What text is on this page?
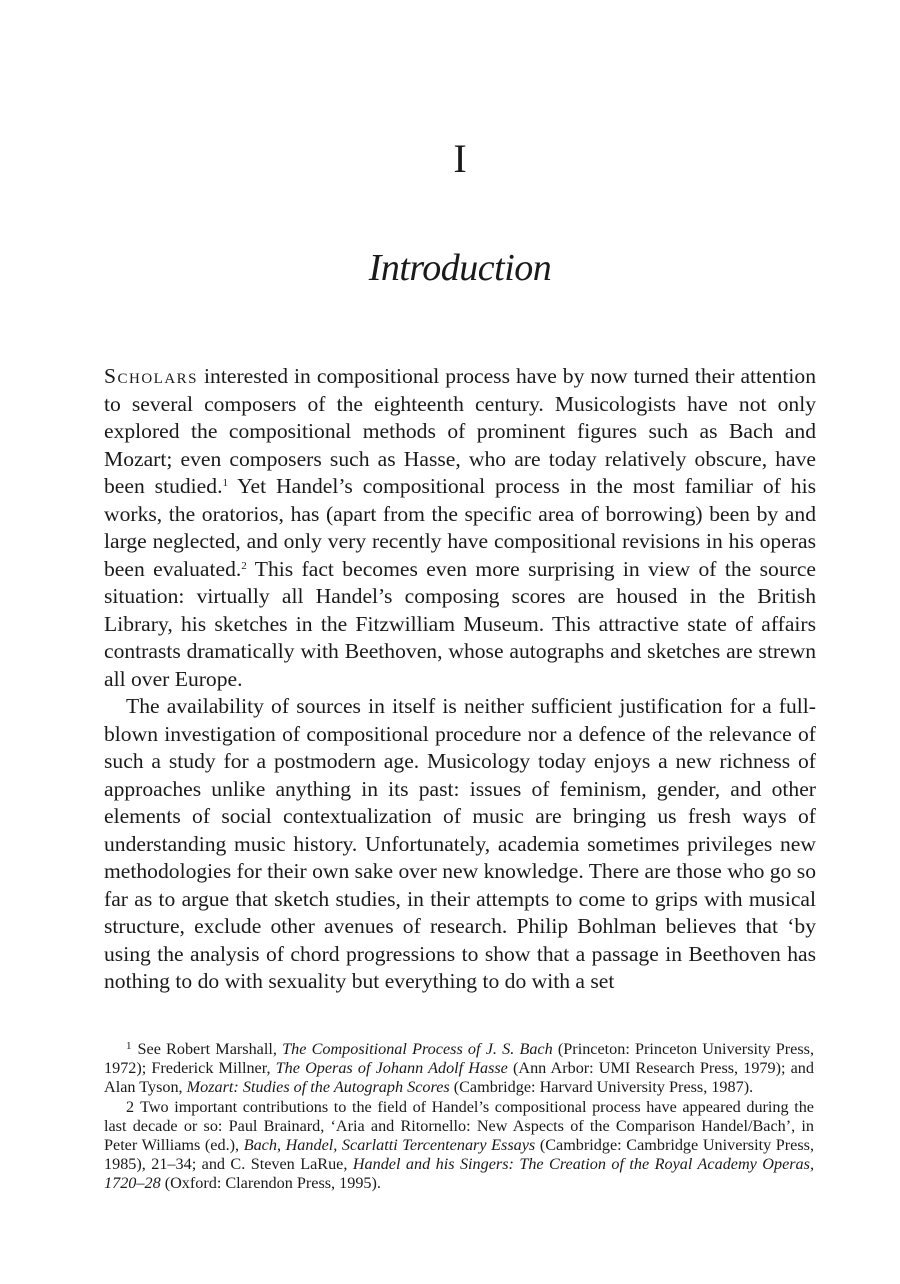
I
Introduction

Scholars interested in compositional process have by now turned their attention to several composers of the eighteenth century. Musicologists have not only explored the compositional methods of prominent figures such as Bach and Mozart; even composers such as Hasse, who are today relatively obscure, have been studied.$^1$ Yet Handel’s compositional process in the most familiar of his works, the oratorios, has (apart from the specific area of borrowing) been by and large neglected, and only very recently have compositional revisions in his operas been evaluated.$^2$ This fact becomes even more surprising in view of the source situation: virtually all Handel’s composing scores are housed in the British Library, his sketches in the Fitzwilliam Museum. This attractive state of affairs contrasts dramatically with Beethoven, whose autographs and sketches are strewn all over Europe.

The availability of sources in itself is neither sufficient justification for a full-blown investigation of compositional procedure nor a defence of the relevance of such a study for a postmodern age. Musicology today enjoys a new richness of approaches unlike anything in its past: issues of feminism, gender, and other elements of social contextualization of music are bringing us fresh ways of understanding music history. Unfortunately, academia sometimes privileges new methodologies for their own sake over new knowledge. There are those who go so far as to argue that sketch studies, in their attempts to come to grips with musical structure, exclude other avenues of research. Philip Bohlman believes that ‘by using the analysis of chord progressions to show that a passage in Beethoven has nothing to do with sexuality but everything to do with a set

$^1$ See Robert Marshall, The Compositional Process of J. S. Bach (Princeton: Princeton University Press, 1972); Frederick Millner, The Operas of Johann Adolf Hasse (Ann Arbor: UMI Research Press, 1979); and Alan Tyson, Mozart: Studies of the Autograph Scores (Cambridge: Harvard University Press, 1987).

2 Two important contributions to the field of Handel’s compositional process have appeared during the last decade or so: Paul Brainard, ‘Aria and Ritornello: New Aspects of the Comparison Handel/Bach’, in Peter Williams (ed.), Bach, Handel, Scarlatti Tercentenary Essays (Cambridge: Cambridge University Press, 1985), 21–34; and C. Steven LaRue, Handel and his Singers: The Creation of the Royal Academy Operas, 1720–28 (Oxford: Clarendon Press, 1995).
